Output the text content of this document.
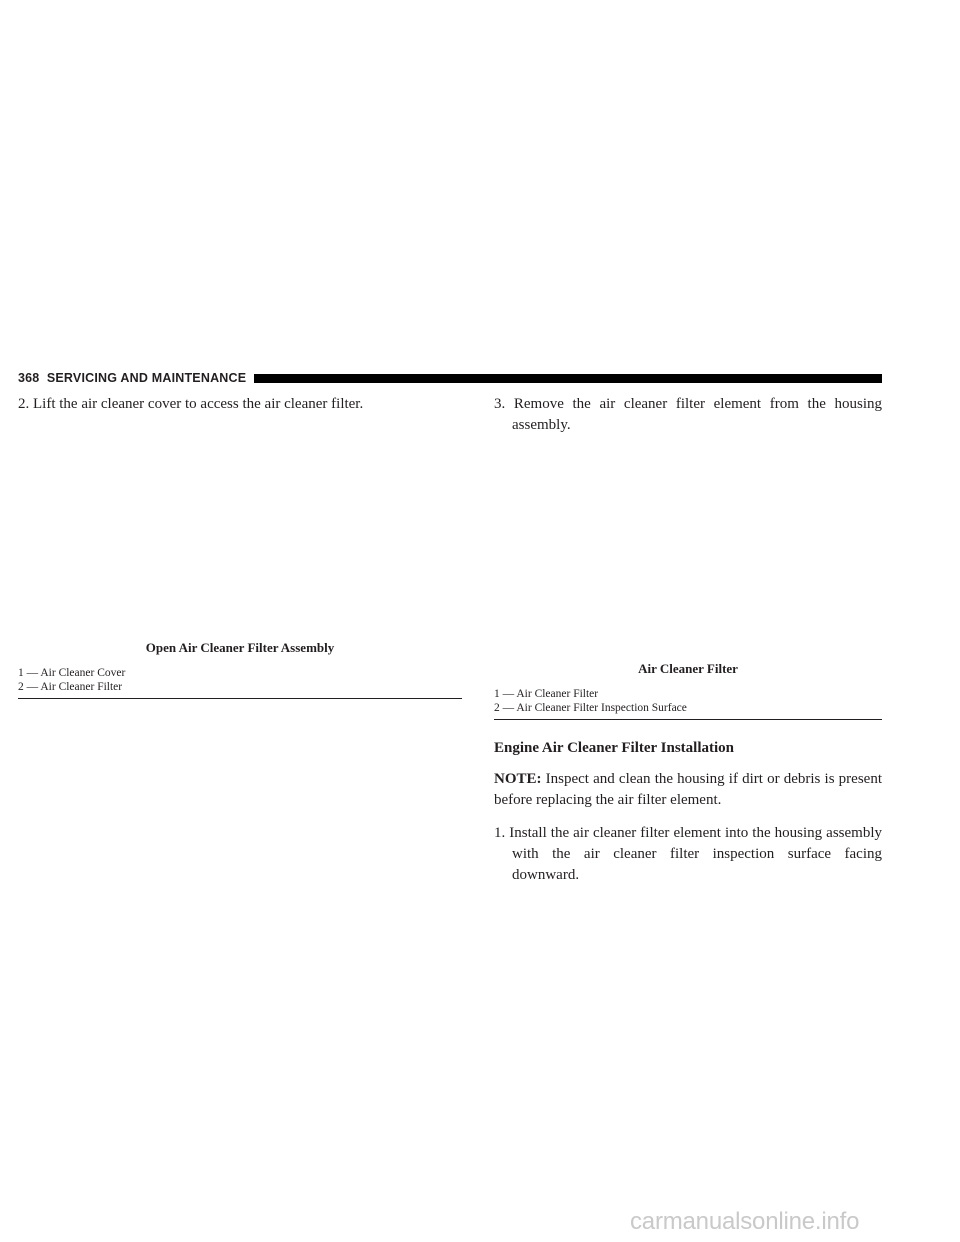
368 SERVICING AND MAINTENANCE

2. Lift the air cleaner cover to access the air cleaner filter.

Open Air Cleaner Filter Assembly

1 — Air Cleaner Cover

2 — Air Cleaner Filter

3. Remove the air cleaner filter element from the housing assembly.

Air Cleaner Filter

1 — Air Cleaner Filter

2 — Air Cleaner Filter Inspection Surface

Engine Air Cleaner Filter Installation

NOTE: Inspect and clean the housing if dirt or debris is present before replacing the air filter element.

1. Install the air cleaner filter element into the housing assembly with the air cleaner filter inspection surface facing downward.

carmanualsonline.info
